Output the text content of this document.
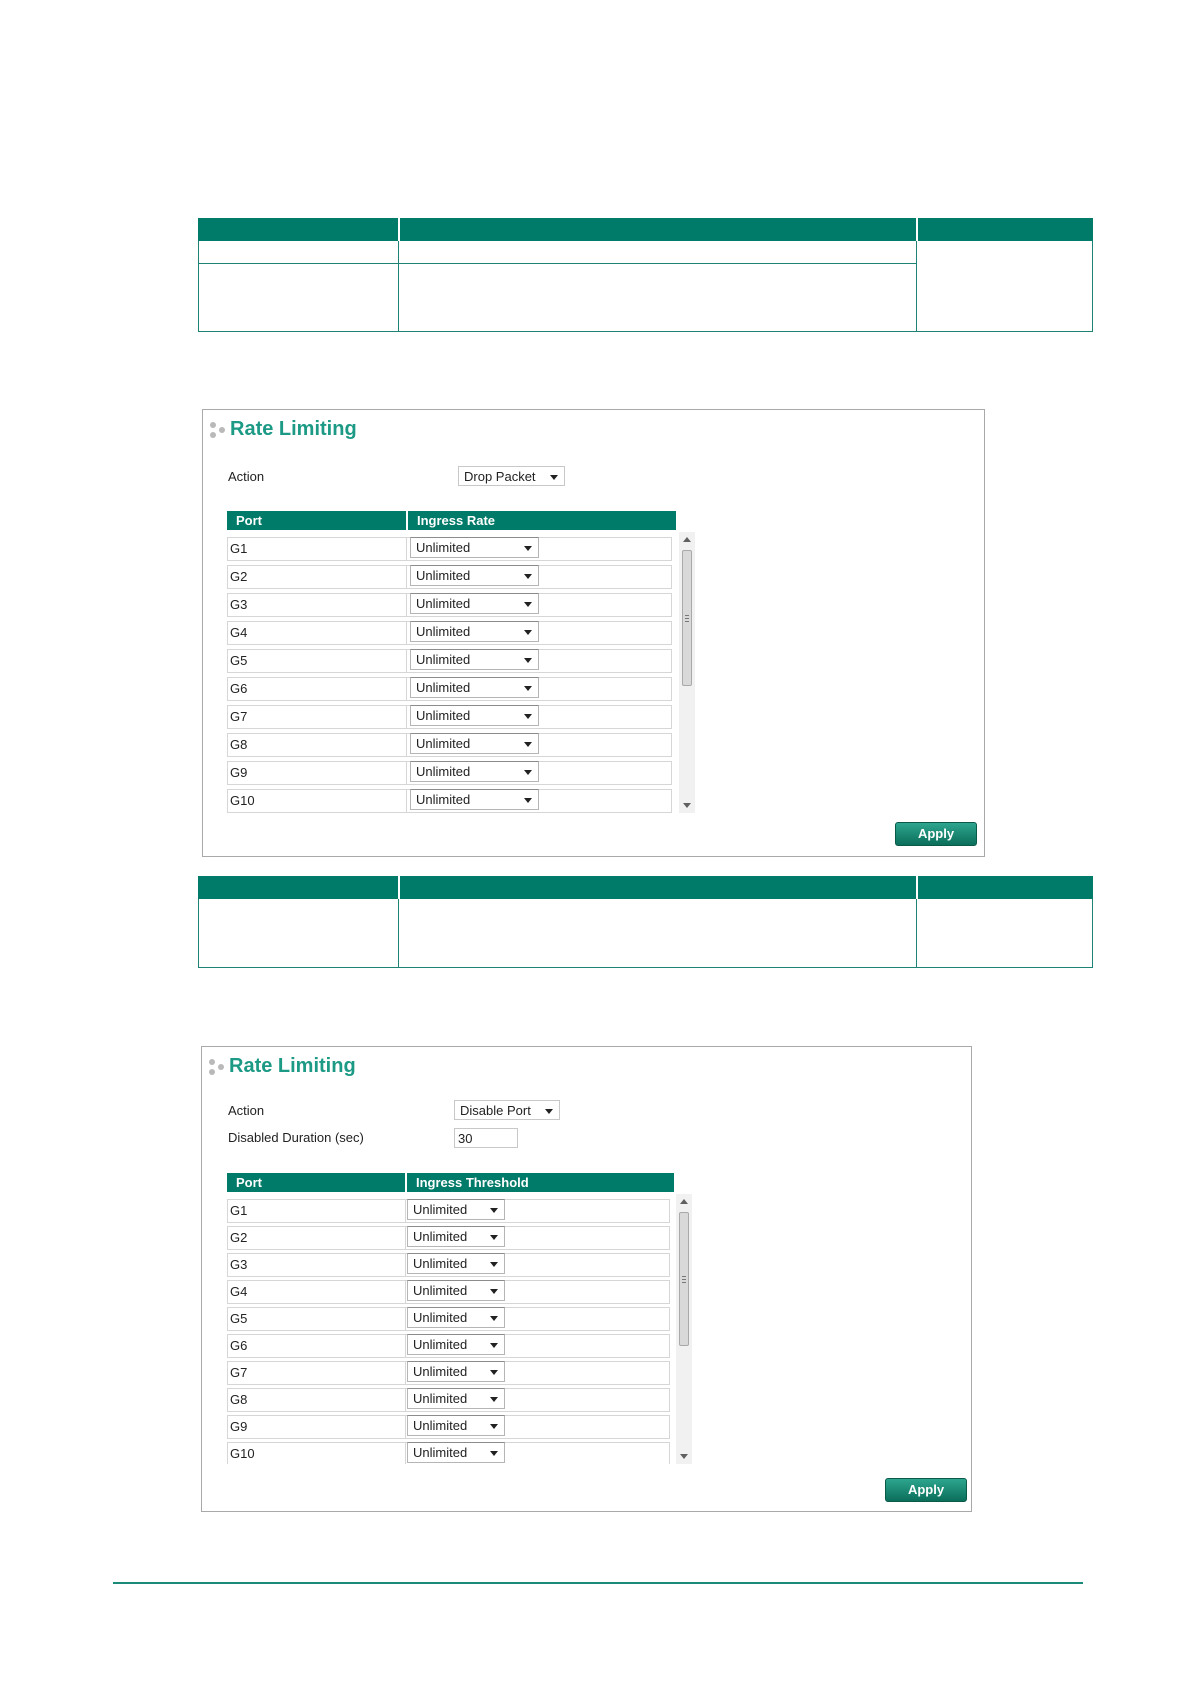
Rate Limiting
Action	Drop Packet
Port	Ingress Rate
G1	Unlimited
G2	Unlimited
G3	Unlimited
G4	Unlimited
G5	Unlimited
G6	Unlimited
G7	Unlimited
G8	Unlimited
G9	Unlimited
G10	Unlimited
Apply

Rate Limiting
Action	Disable Port
Disabled Duration (sec)	30
Port	Ingress Threshold
G1	Unlimited
G2	Unlimited
G3	Unlimited
G4	Unlimited
G5	Unlimited
G6	Unlimited
G7	Unlimited
G8	Unlimited
G9	Unlimited
G10	Unlimited
Apply
